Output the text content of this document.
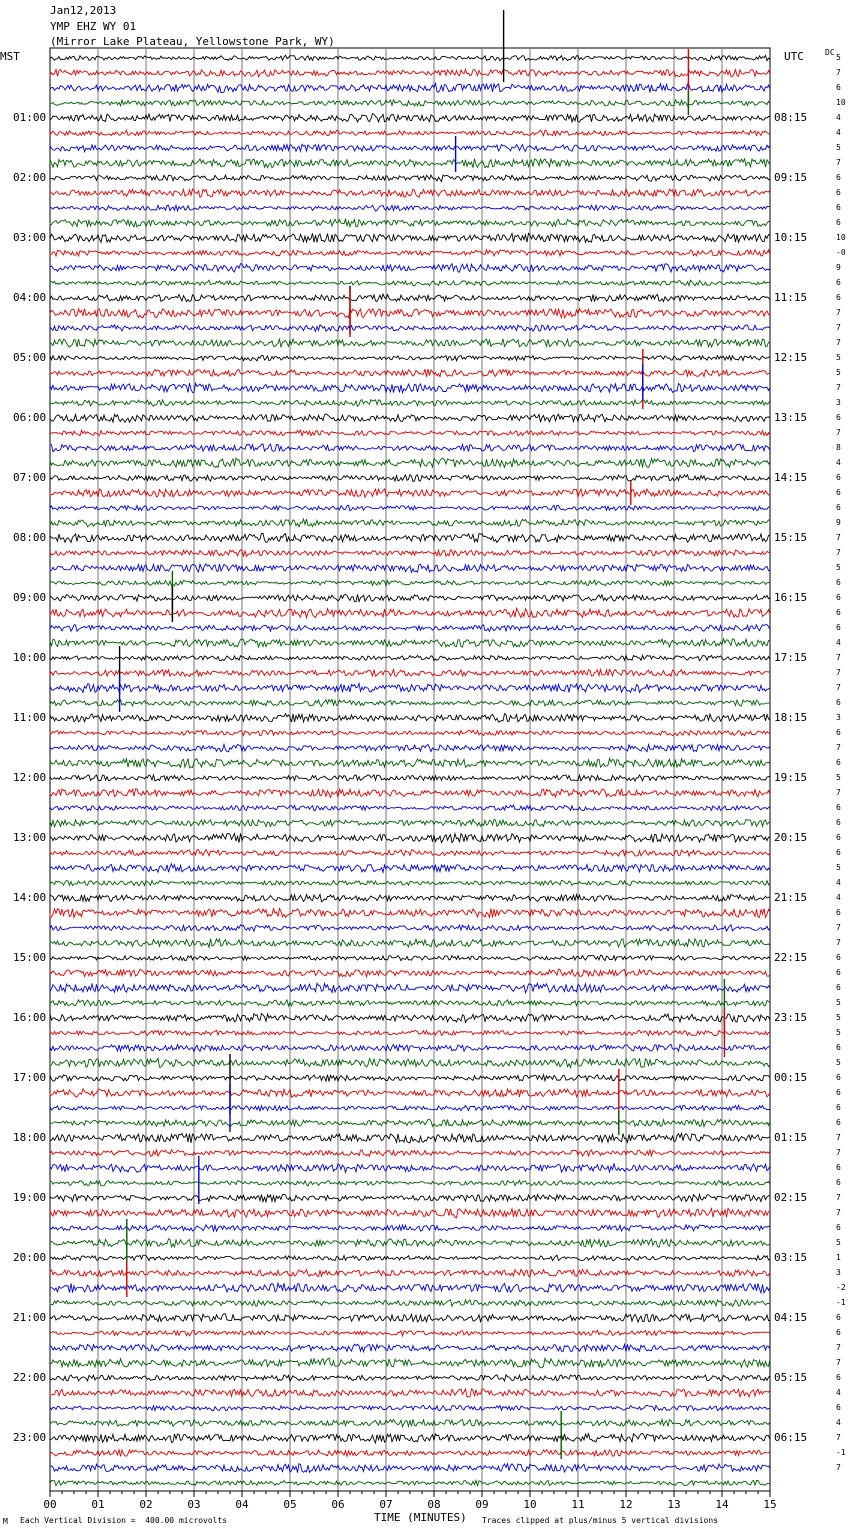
00	01	02	03	04	05	06	07	08	09	10	11	12	13	14	15
Jan12,2013
YMP EHZ WY 01
(Mirror Lake Plateau, Yellowstone Park, WY)
MST	UTC	DC
01:00
02:00
03:00
04:00
05:00
06:00
07:00
08:00
09:00
10:00
11:00
12:00
13:00
14:00
15:00
16:00
17:00
18:00
19:00
20:00
21:00
22:00
23:00
08:15
09:15
10:15
11:15
12:15
13:15
14:15
15:15
16:15
17:15
18:15
19:15
20:15
21:15
22:15
23:15
00:15
01:15
02:15
03:15
04:15
05:15
06:15
5
7
6
10
4
4
5
7
6
6
6
6
10
-0
9
6
6
7
7
7
5
5
7
3
6
7
8
4
6
6
6
9
7
7
5
6
6
6
6
4
7
7
7
6
3
6
7
6
5
7
6
6
6
6
5
4
4
6
7
7
6
6
6
5
5
5
6
5
6
6
6
6
7
7
6
6
7
7
6
5
1
3
-2
-1
6
6
7
7
6
4
6
4
7
-1
7
TIME (MINUTES)
M Each Vertical Division =  400.00 microvolts	Traces clipped at plus/minus 5 vertical divisions
